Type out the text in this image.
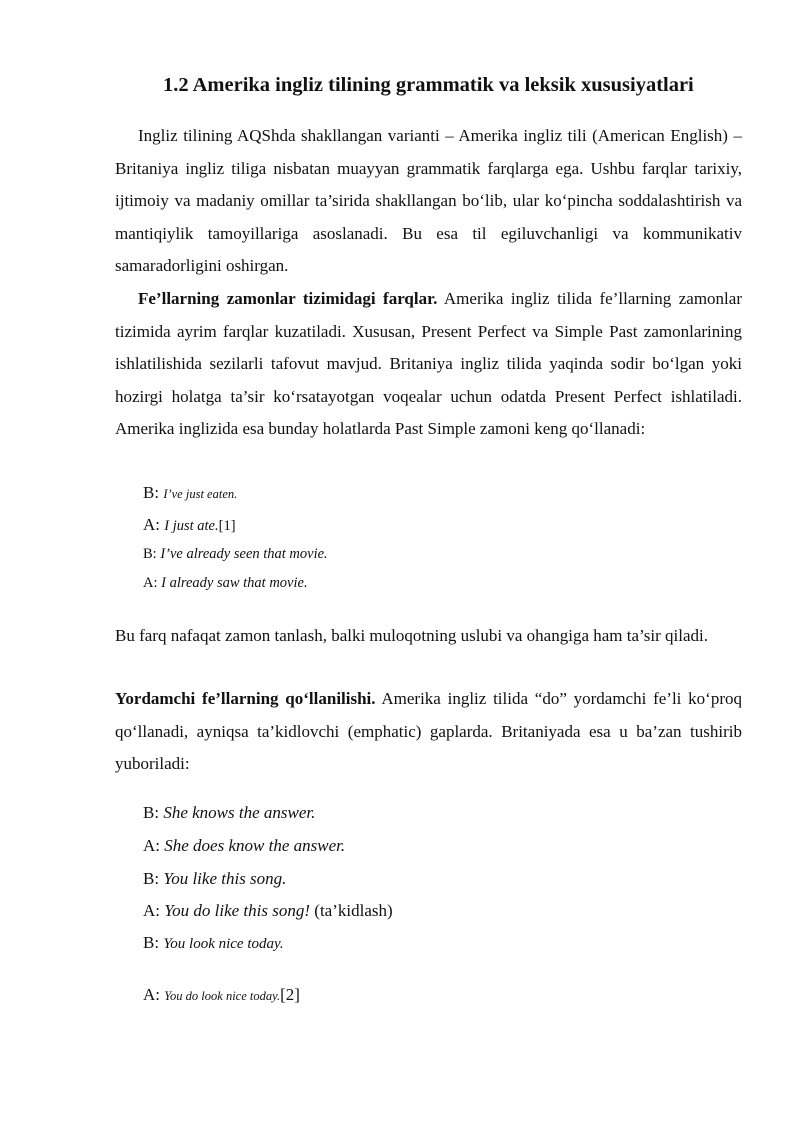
1.2 Amerika ingliz tilining grammatik va leksik xususiyatlari

Ingliz tilining AQShda shakllangan varianti – Amerika ingliz tili (American English) – Britaniya ingliz tiliga nisbatan muayyan grammatik farqlarga ega. Ushbu farqlar tarixiy, ijtimoiy va madaniy omillar ta’sirida shakllangan bo‘lib, ular ko‘pincha soddalashtirish va mantiqiylik tamoyillariga asoslanadi. Bu esa til egiluvchanligi va kommunikativ samaradorligini oshirgan.

Fe’llarning zamonlar tizimidagi farqlar. Amerika ingliz tilida fe’llarning zamonlar tizimida ayrim farqlar kuzatiladi. Xususan, Present Perfect va Simple Past zamonlarining ishlatilishida sezilarli tafovut mavjud. Britaniya ingliz tilida yaqinda sodir bo‘lgan yoki hozirgi holatga ta’sir ko‘rsatayotgan voqealar uchun odatda Present Perfect ishlatiladi. Amerika inglizida esa bunday holatlarda Past Simple zamoni keng qo‘llanadi:

B: I’ve just eaten.
A: I just ate.[1]
B: I’ve already seen that movie.
A: I already saw that movie.

Bu farq nafaqat zamon tanlash, balki muloqotning uslubi va ohangiga ham ta’sir qiladi.

Yordamchi fe’llarning qo‘llanilishi. Amerika ingliz tilida “do” yordamchi fe’li ko‘proq qo‘llanadi, ayniqsa ta’kidlovchi (emphatic) gaplarda. Britaniyada esa u ba’zan tushirib yuboriladi:

B: She knows the answer.
A: She does know the answer.
B: You like this song.
A: You do like this song! (ta’kidlash)
B: You look nice today.
A: You do look nice today.[2]
